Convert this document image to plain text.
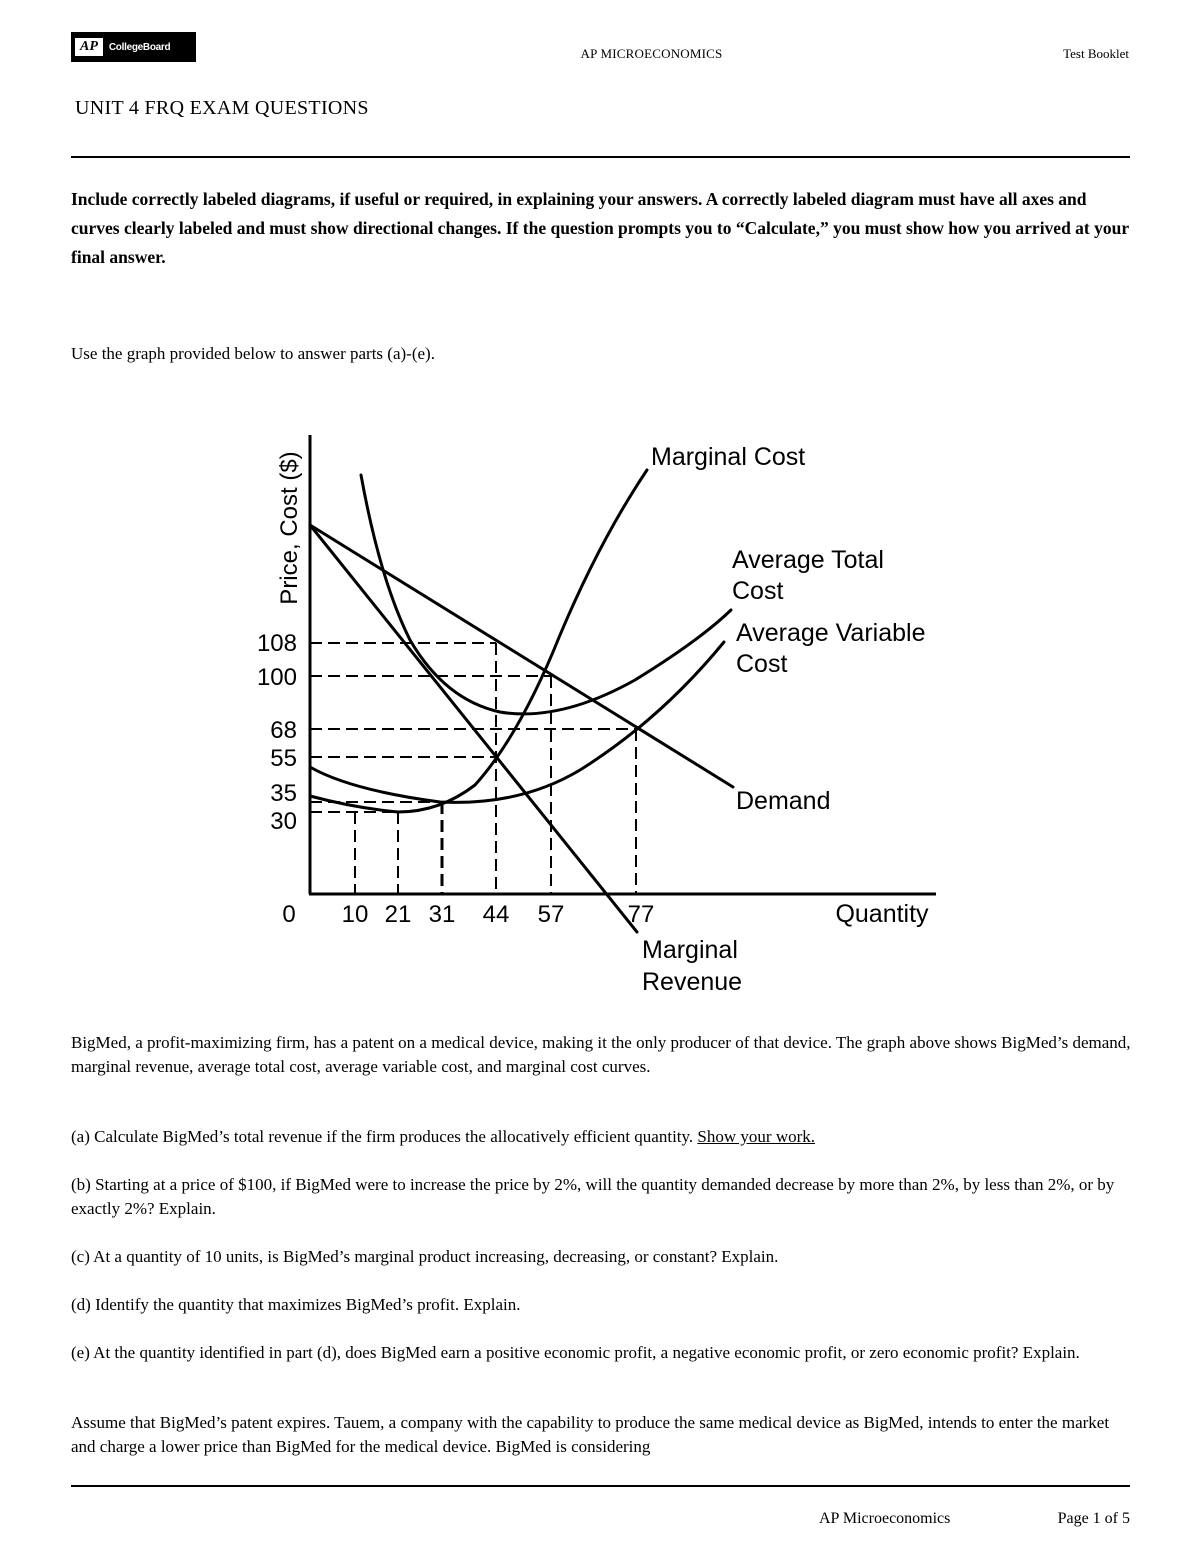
AP	CollegeBoard	AP MICROECONOMICS	Test Booklet
UNIT 4 FRQ EXAM QUESTIONS
Include correctly labeled diagrams, if useful or required, in explaining your answers. A correctly labeled diagram must have all axes and curves clearly labeled and must show directional changes. If the question prompts you to “Calculate,” you must show how you arrived at your final answer.
Use the graph provided below to answer parts (a)-(e).
Price, Cost ($)
108
100
68
55
35
30
0 10 21 31 44 57	77	Quantity
Marginal Cost
Average Total
Cost
Average Variable
Cost
Demand
Marginal
Revenue
BigMed, a profit-maximizing firm, has a patent on a medical device, making it the only producer of that device. The graph above shows BigMed’s demand, marginal revenue, average total cost, average variable cost, and marginal cost curves.
(a) Calculate BigMed’s total revenue if the firm produces the allocatively efficient quantity. Show your work.
(b) Starting at a price of $100, if BigMed were to increase the price by 2%, will the quantity demanded decrease by more than 2%, by less than 2%, or by exactly 2%? Explain.
(c) At a quantity of 10 units, is BigMed’s marginal product increasing, decreasing, or constant? Explain.
(d) Identify the quantity that maximizes BigMed’s profit. Explain.
(e) At the quantity identified in part (d), does BigMed earn a positive economic profit, a negative economic profit, or zero economic profit? Explain.
Assume that BigMed’s patent expires. Tauem, a company with the capability to produce the same medical device as BigMed, intends to enter the market and charge a lower price than BigMed for the medical device. BigMed is considering
AP Microeconomics	Page 1 of 5
